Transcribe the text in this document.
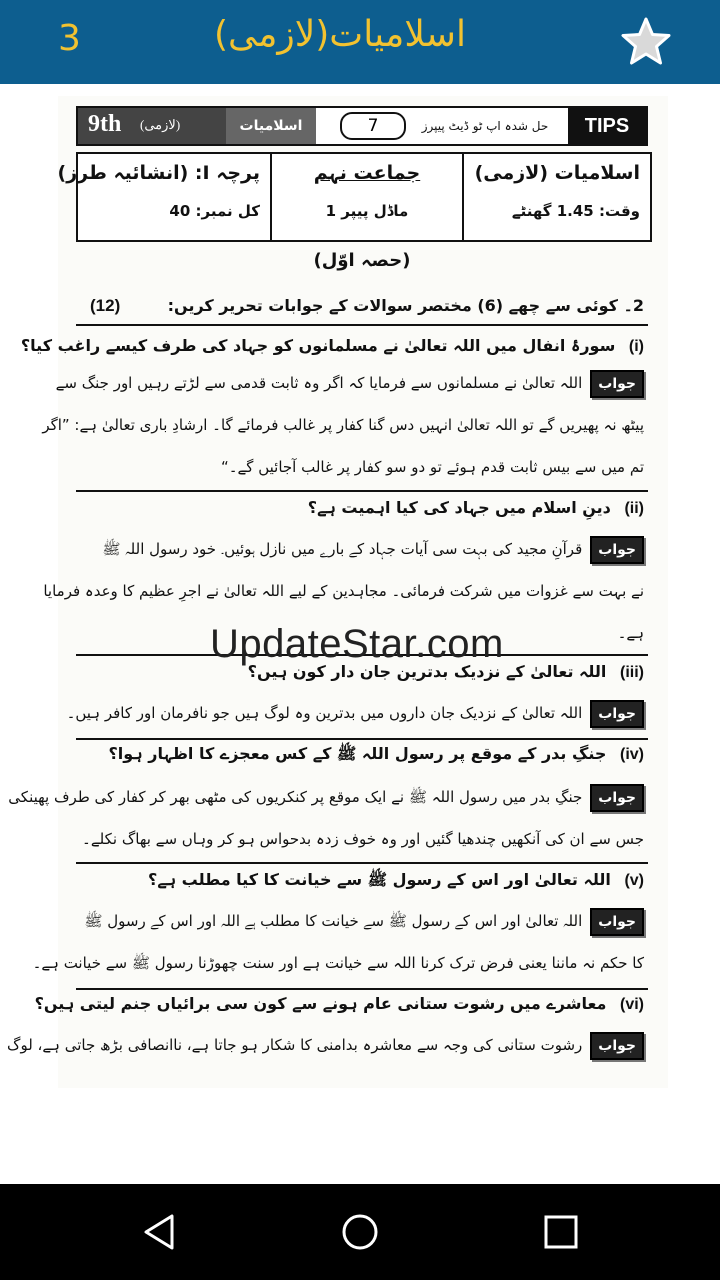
3	اسلامیات(لازمی)
9th (لازمی)	اسلامیات	7	حل شدہ اپ ٹو ڈیٹ پیپرز	TIPS
اسلامیات (لازمی)
وقت: 1.45 گھنٹے
جماعت نہم
ماڈل پیپر 1
پرچہ I: (انشائیہ طرز)
کل نمبر: 40
(حصہ اوّل)
2۔ کوئی سے چھے (6) مختصر سوالات کے جوابات تحریر کریں:
(12)
(i) سورۂ انفال میں اللہ تعالیٰ نے مسلمانوں کو جہاد کی طرف کیسے راغب کیا؟
جواباللہ تعالیٰ نے مسلمانوں سے فرمایا کہ اگر وہ ثابت قدمی سے لڑتے رہیں اور جنگ سے
پیٹھ نہ پھیریں گے تو اللہ تعالیٰ انہیں دس گنا کفار پر غالب فرمائے گا۔ ارشادِ باری تعالیٰ ہے: ”اگر
تم میں سے بیس ثابت قدم ہوئے تو دو سو کفار پر غالب آجائیں گے۔“
(ii) دینِ اسلام میں جہاد کی کیا اہمیت ہے؟
جوابقرآنِ مجید کی بہت سی آیات جہاد کے بارے میں نازل ہوئیں۔ خود رسول اللہ ﷺ
نے بہت سے غزوات میں شرکت فرمائی۔ مجاہدین کے لیے اللہ تعالیٰ نے اجرِ عظیم کا وعدہ فرمایا
ہے۔
(iii) اللہ تعالیٰ کے نزدیک بدترین جان دار کون ہیں؟
جواباللہ تعالیٰ کے نزدیک جان داروں میں بدترین وہ لوگ ہیں جو نافرمان اور کافر ہیں۔
(iv) جنگِ بدر کے موقع پر رسول اللہ ﷺ کے کس معجزے کا اظہار ہوا؟
جوابجنگِ بدر میں رسول اللہ ﷺ نے ایک موقع پر کنکریوں کی مٹھی بھر کر کفار کی طرف پھینکی
جس سے ان کی آنکھیں چندھیا گئیں اور وہ خوف زدہ بدحواس ہو کر وہاں سے بھاگ نکلے۔
(v) اللہ تعالیٰ اور اس کے رسول ﷺ سے خیانت کا کیا مطلب ہے؟
جواباللہ تعالیٰ اور اس کے رسول ﷺ سے خیانت کا مطلب ہے اللہ اور اس کے رسول ﷺ
کا حکم نہ ماننا یعنی فرض ترک کرنا اللہ سے خیانت ہے اور سنت چھوڑنا رسول ﷺ سے خیانت ہے۔
(vi) معاشرے میں رشوت ستانی عام ہونے سے کون سی برائیاں جنم لیتی ہیں؟
جوابرشوت ستانی کی وجہ سے معاشرہ بدامنی کا شکار ہو جاتا ہے، ناانصافی بڑھ جاتی ہے، لوگ
UpdateStar.com
